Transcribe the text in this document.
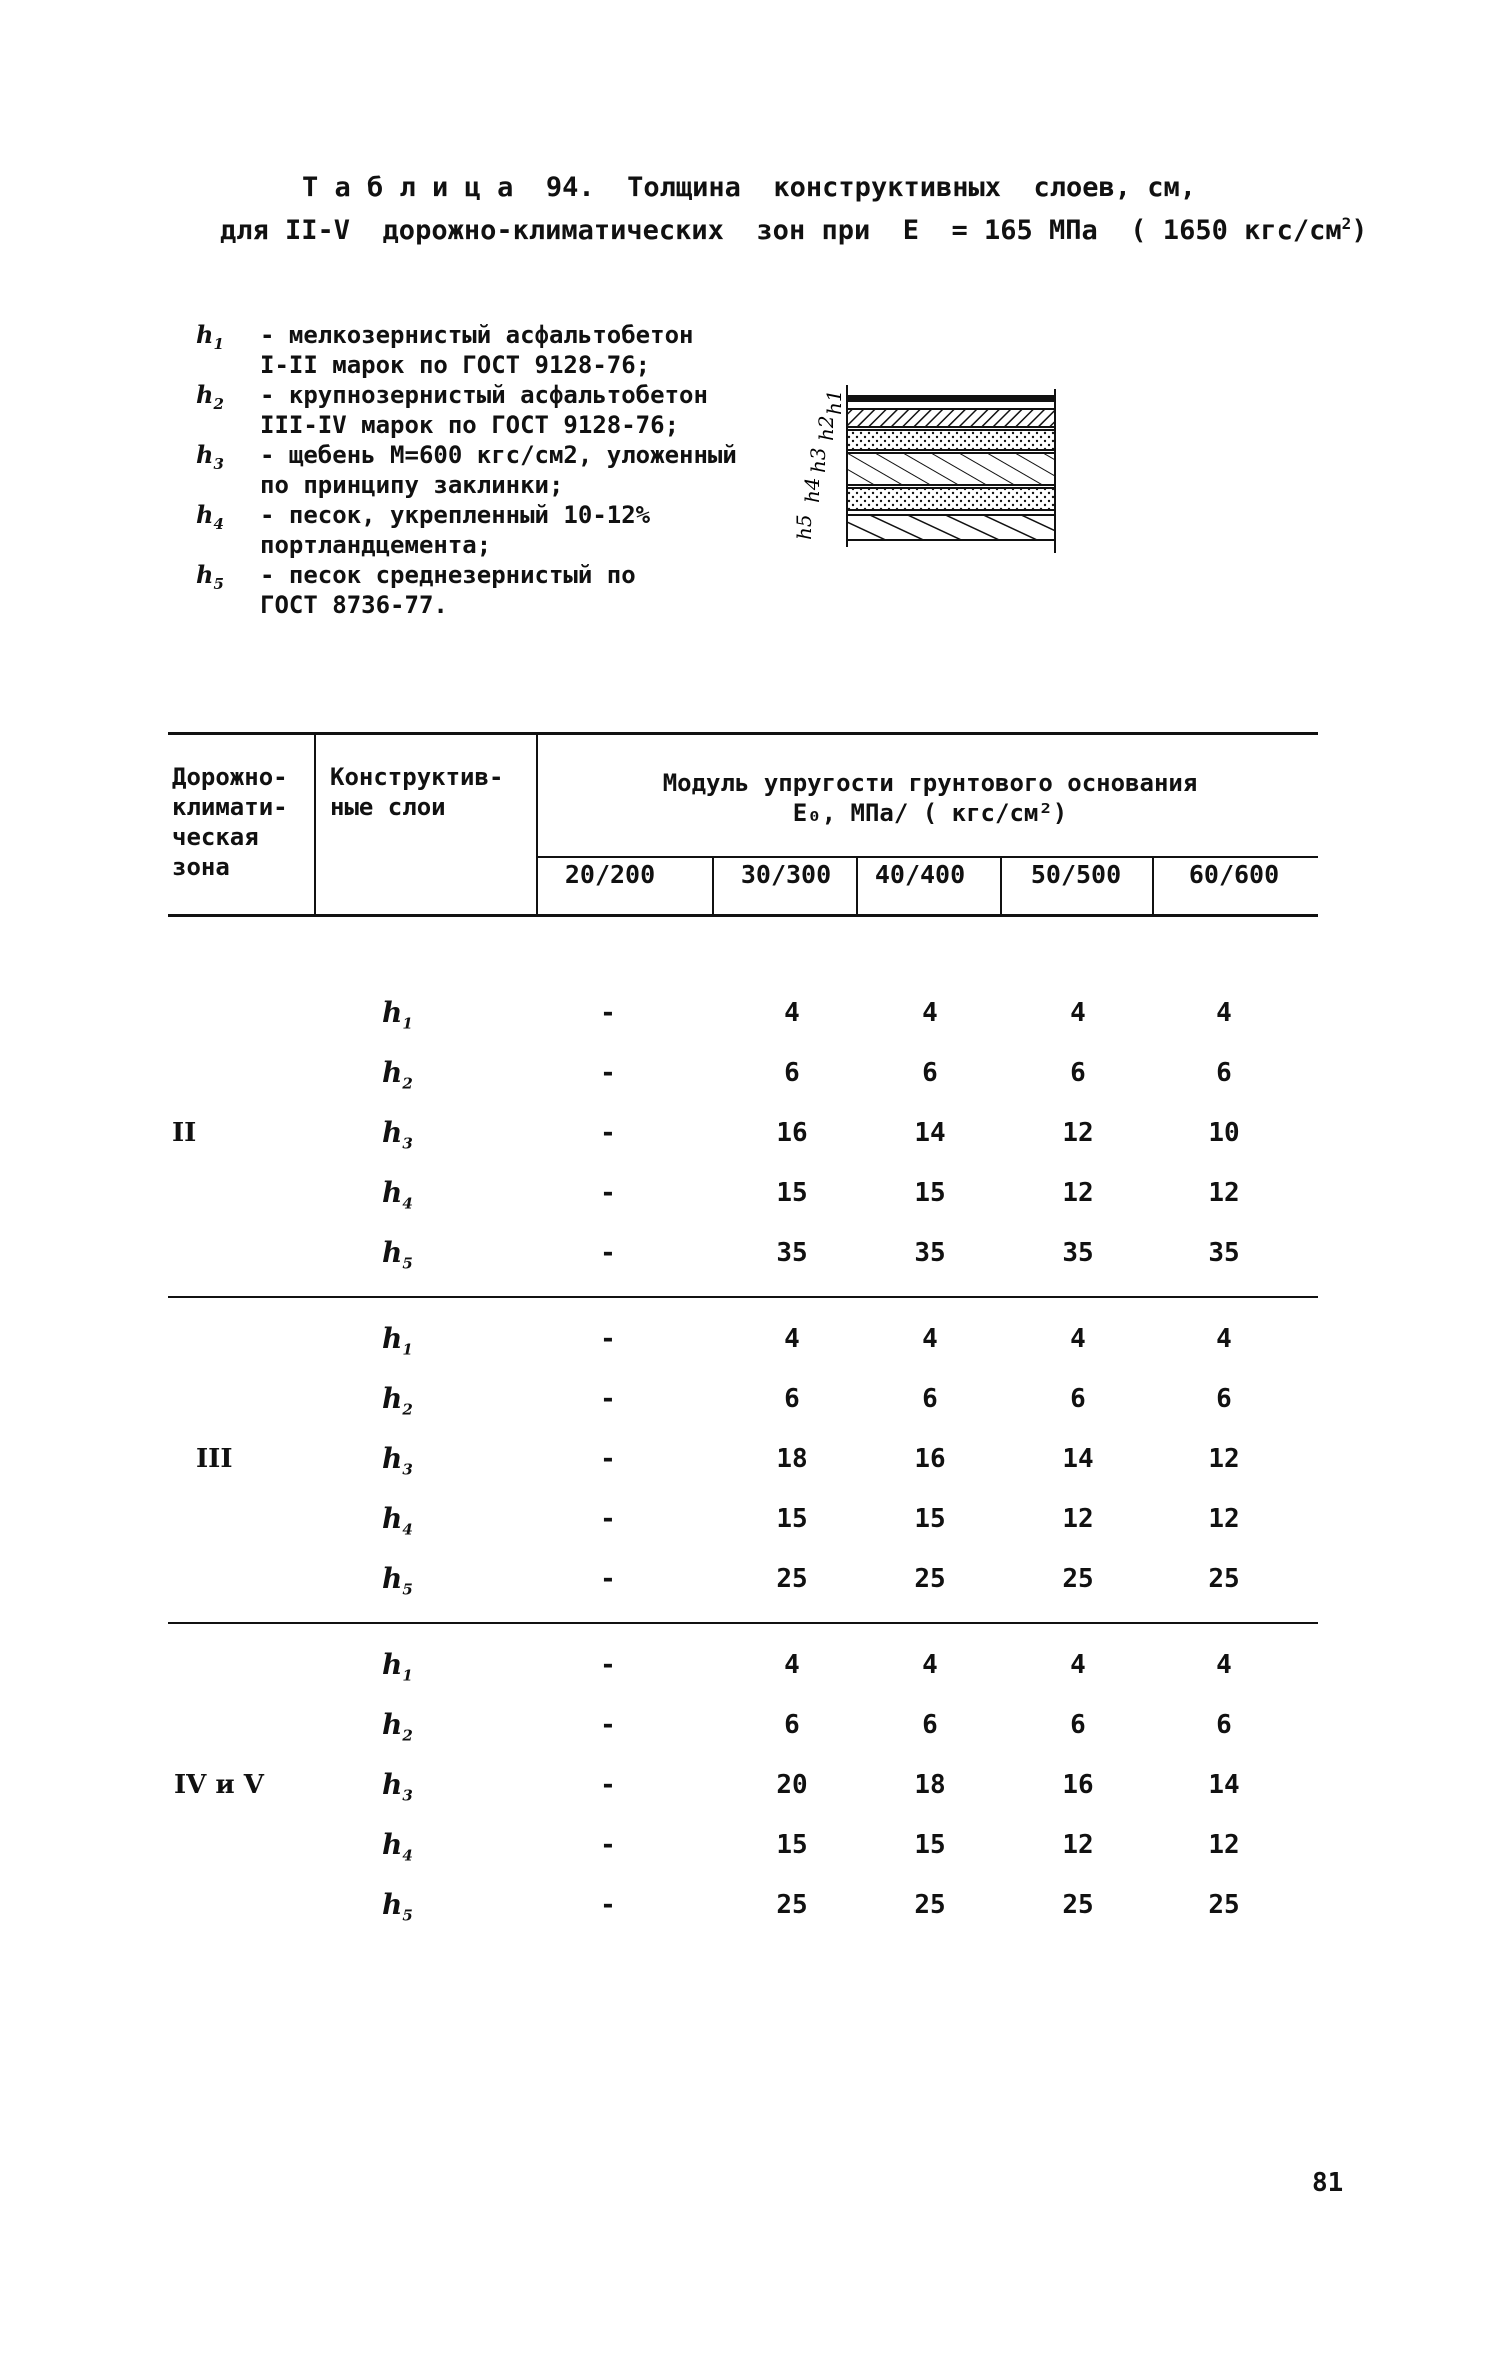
Т а б л и ц а  94.  Толщина  конструктивных  слоев, см,
для II-V  дорожно-климатических  зон при  E  = 165 МПа  ( 1650 кгс/$см^2$)
$h_1$ - мелкозернистый асфальтобетон
I-II марок по ГОСТ 9128-76;
$h_2$ - крупнозернистый асфальтобетон
III-IV марок по ГОСТ 9128-76;
$h_3$ - щебень М=600 кгс/см2, уложенный
по принципу заклинки;
$h_4$ - песок, укрепленный 10-12%
портландцемента;
$h_5$ - песок среднезернистый по
ГОСТ 8736-77.
h5
h4
h3
h2
h1
Дорожно-
климати-
ческая
зона
Конструктив-
ные слои
Модуль упругости грунтового основания
E₀, МПа/ ( кгс/см²)
20/200	30/300	40/400	50/500	60/600
II
$h_1$	-	4	4	4	4
$h_2$	-	6	6	6	6
$h_3$	-	16	14	12	10
$h_4$	-	15	15	12	12
$h_5$	-	35	35	35	35
III
$h_1$	-	4	4	4	4
$h_2$	-	6	6	6	6
$h_3$	-	18	16	14	12
$h_4$	-	15	15	12	12
$h_5$	-	25	25	25	25
IV и V
$h_1$	-	4	4	4	4
$h_2$	-	6	6	6	6
$h_3$	-	20	18	16	14
$h_4$	-	15	15	12	12
$h_5$	-	25	25	25	25
81
